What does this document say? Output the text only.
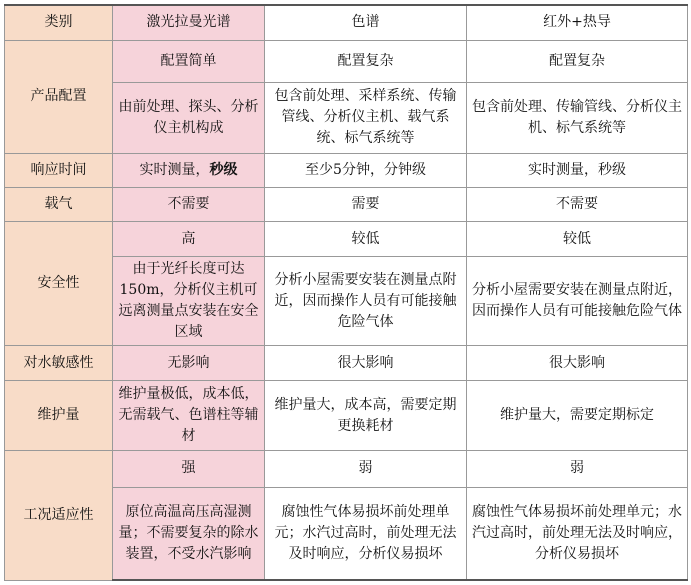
类别	激光拉曼光谱	色谱	红外+热导
产品配置	配置简单	配置复杂	配置复杂
	由前处理、探头、分析仪主机构成	包含前处理、采样系统、传输管线、分析仪主机、载气系统、标气系统等	包含前处理、传输管线、分析仪主机、标气系统等
响应时间	实时测量，秒级	至少5分钟，分钟级	实时测量，秒级
载气	不需要	需要	不需要
安全性	高	较低	较低
	由于光纤长度可达150m，分析仪主机可远离测量点安装在安全区域	分析小屋需要安装在测量点附近，因而操作人员有可能接触危险气体	分析小屋需要安装在测量点附近，因而操作人员有可能接触危险气体
对水敏感性	无影响	很大影响	很大影响
维护量	维护量极低，成本低，无需载气、色谱柱等辅材	维护量大，成本高，需要定期更换耗材	维护量大，需要定期标定
工况适应性	强	弱	弱
	原位高温高压高湿测量；不需要复杂的除水装置，不受水汽影响	腐蚀性气体易损坏前处理单元；水汽过高时，前处理无法及时响应，分析仪易损坏	腐蚀性气体易损坏前处理单元；水汽过高时，前处理无法及时响应，分析仪易损坏
